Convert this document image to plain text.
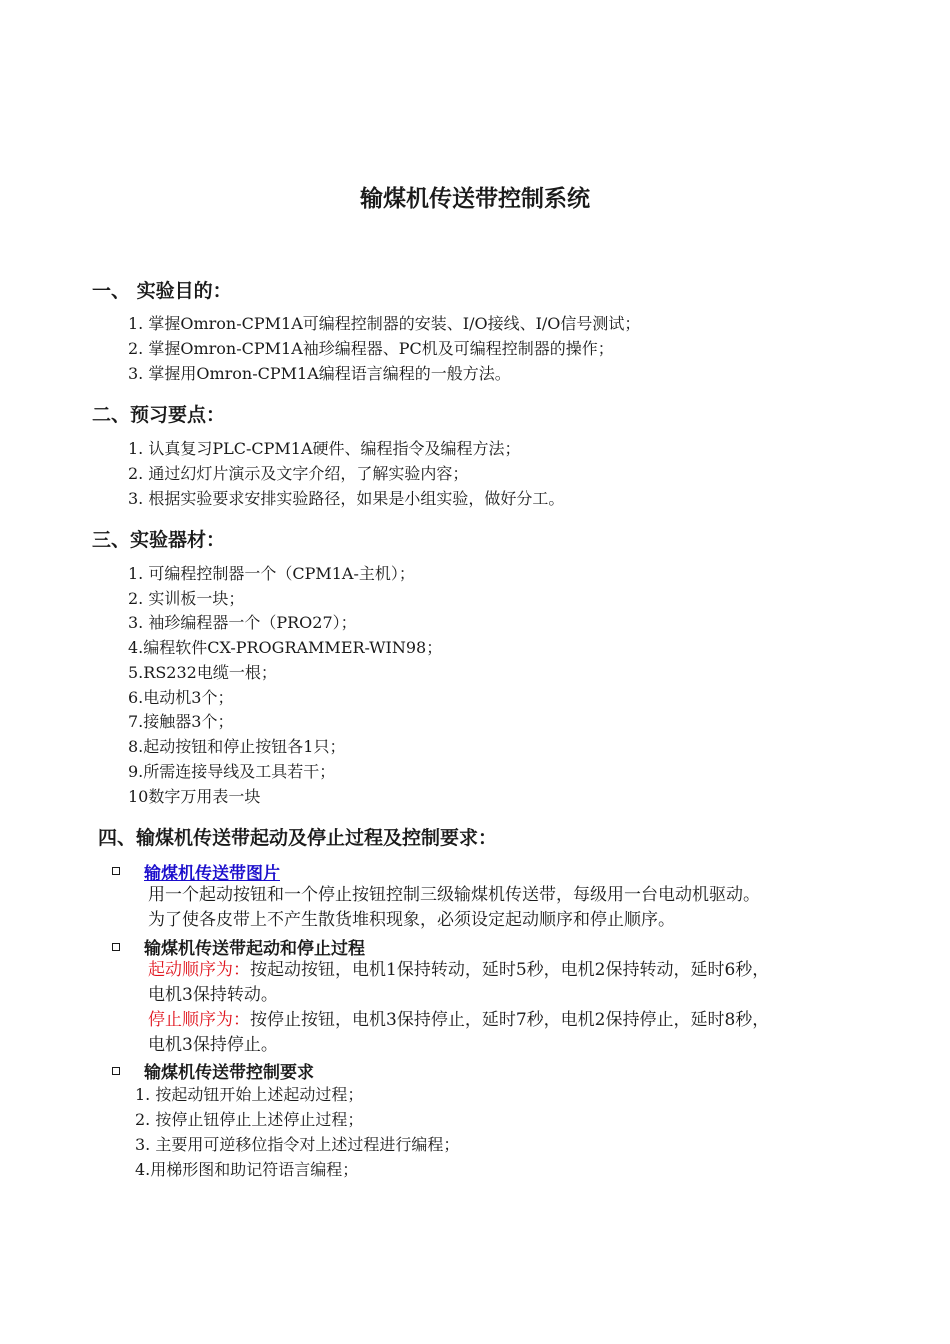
输煤机传送带控制系统
一、 实验目的：
1. 掌握Omron-CPM1A可编程控制器的安装、I/O接线、I/O信号测试；
2. 掌握Omron-CPM1A袖珍编程器、PC机及可编程控制器的操作；
3. 掌握用Omron-CPM1A编程语言编程的一般方法。
二、预习要点：
1. 认真复习PLC-CPM1A硬件、编程指令及编程方法；
2. 通过幻灯片演示及文字介绍，了解实验内容；
3. 根据实验要求安排实验路径，如果是小组实验，做好分工。
三、实验器材：
1. 可编程控制器一个（CPM1A-主机）；
2. 实训板一块；
3. 袖珍编程器一个（PRO27）；
4.编程软件CX-PROGRAMMER-WIN98；
5.RS232电缆一根；
6.电动机3个；
7.接触器3个；
8.起动按钮和停止按钮各1只；
9.所需连接导线及工具若干；
10数字万用表一块
四、输煤机传送带起动及停止过程及控制要求：
输煤机传送带图片
用一个起动按钮和一个停止按钮控制三级输煤机传送带，每级用一台电动机驱动。
为了使各皮带上不产生散货堆积现象，必须设定起动顺序和停止顺序。
输煤机传送带起动和停止过程
起动顺序为：按起动按钮，电机1保持转动，延时5秒，电机2保持转动，延时6秒，
电机3保持转动。
停止顺序为：按停止按钮，电机3保持停止，延时7秒，电机2保持停止，延时8秒，
电机3保持停止。
输煤机传送带控制要求
1. 按起动钮开始上述起动过程；
2. 按停止钮停止上述停止过程；
3. 主要用可逆移位指令对上述过程进行编程；
4.用梯形图和助记符语言编程；
